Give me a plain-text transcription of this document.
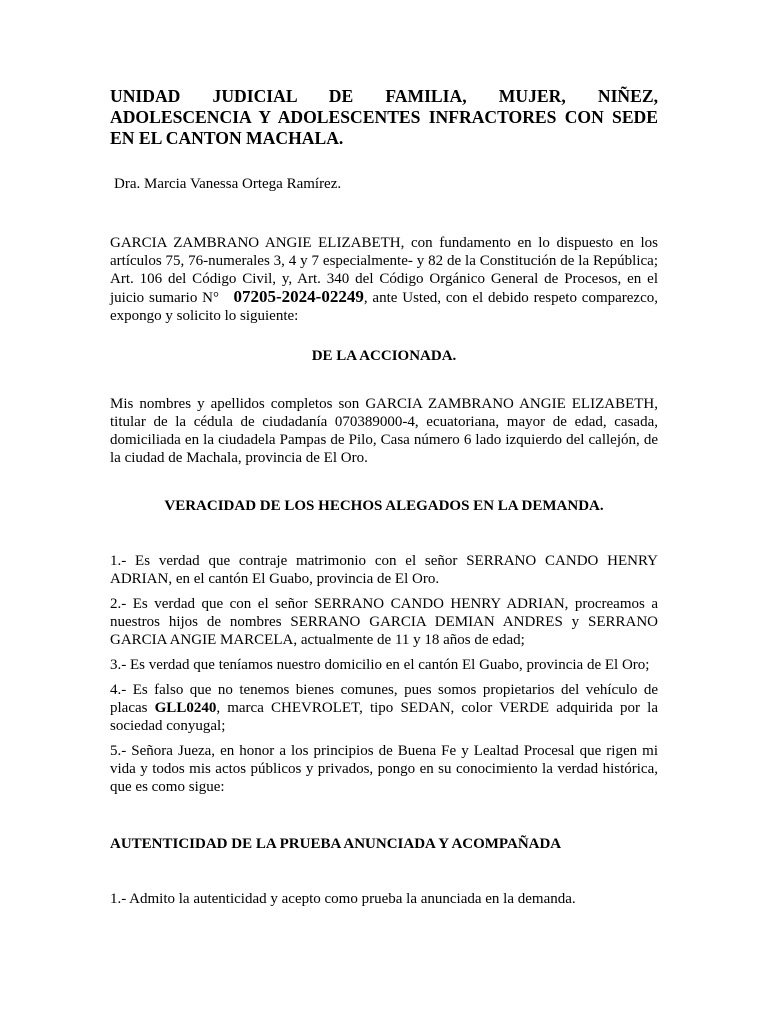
UNIDAD JUDICIAL DE FAMILIA, MUJER, NIÑEZ, ADOLESCENCIA Y ADOLESCENTES INFRACTORES CON SEDE EN EL CANTON MACHALA.

Dra. Marcia Vanessa Ortega Ramírez.

GARCIA ZAMBRANO ANGIE ELIZABETH, con fundamento en lo dispuesto en los artículos 75, 76-numerales 3, 4 y 7 especialmente- y 82 de la Constitución de la República; Art. 106 del Código Civil, y, Art. 340 del Código Orgánico General de Procesos, en el juicio sumario N° 07205-2024-02249, ante Usted, con el debido respeto comparezco, expongo y solicito lo siguiente:

DE LA ACCIONADA.

Mis nombres y apellidos completos son GARCIA ZAMBRANO ANGIE ELIZABETH, titular de la cédula de ciudadanía 070389000-4, ecuatoriana, mayor de edad, casada, domiciliada en la ciudadela Pampas de Pilo, Casa número 6 lado izquierdo del callejón, de la ciudad de Machala, provincia de El Oro.

VERACIDAD DE LOS HECHOS ALEGADOS EN LA DEMANDA.

1.- Es verdad que contraje matrimonio con el señor SERRANO CANDO HENRY ADRIAN, en el cantón El Guabo, provincia de El Oro.

2.- Es verdad que con el señor SERRANO CANDO HENRY ADRIAN, procreamos a nuestros hijos de nombres SERRANO GARCIA DEMIAN ANDRES y SERRANO GARCIA ANGIE MARCELA, actualmente de 11 y 18 años de edad;

3.- Es verdad que teníamos nuestro domicilio en el cantón El Guabo, provincia de El Oro;

4.- Es falso que no tenemos bienes comunes, pues somos propietarios del vehículo de placas GLL0240, marca CHEVROLET, tipo SEDAN, color VERDE adquirida por la sociedad conyugal;

5.- Señora Jueza, en honor a los principios de Buena Fe y Lealtad Procesal que rigen mi vida y todos mis actos públicos y privados, pongo en su conocimiento la verdad histórica, que es como sigue:

AUTENTICIDAD DE LA PRUEBA ANUNCIADA Y ACOMPAÑADA

1.- Admito la autenticidad y acepto como prueba la anunciada en la demanda.
